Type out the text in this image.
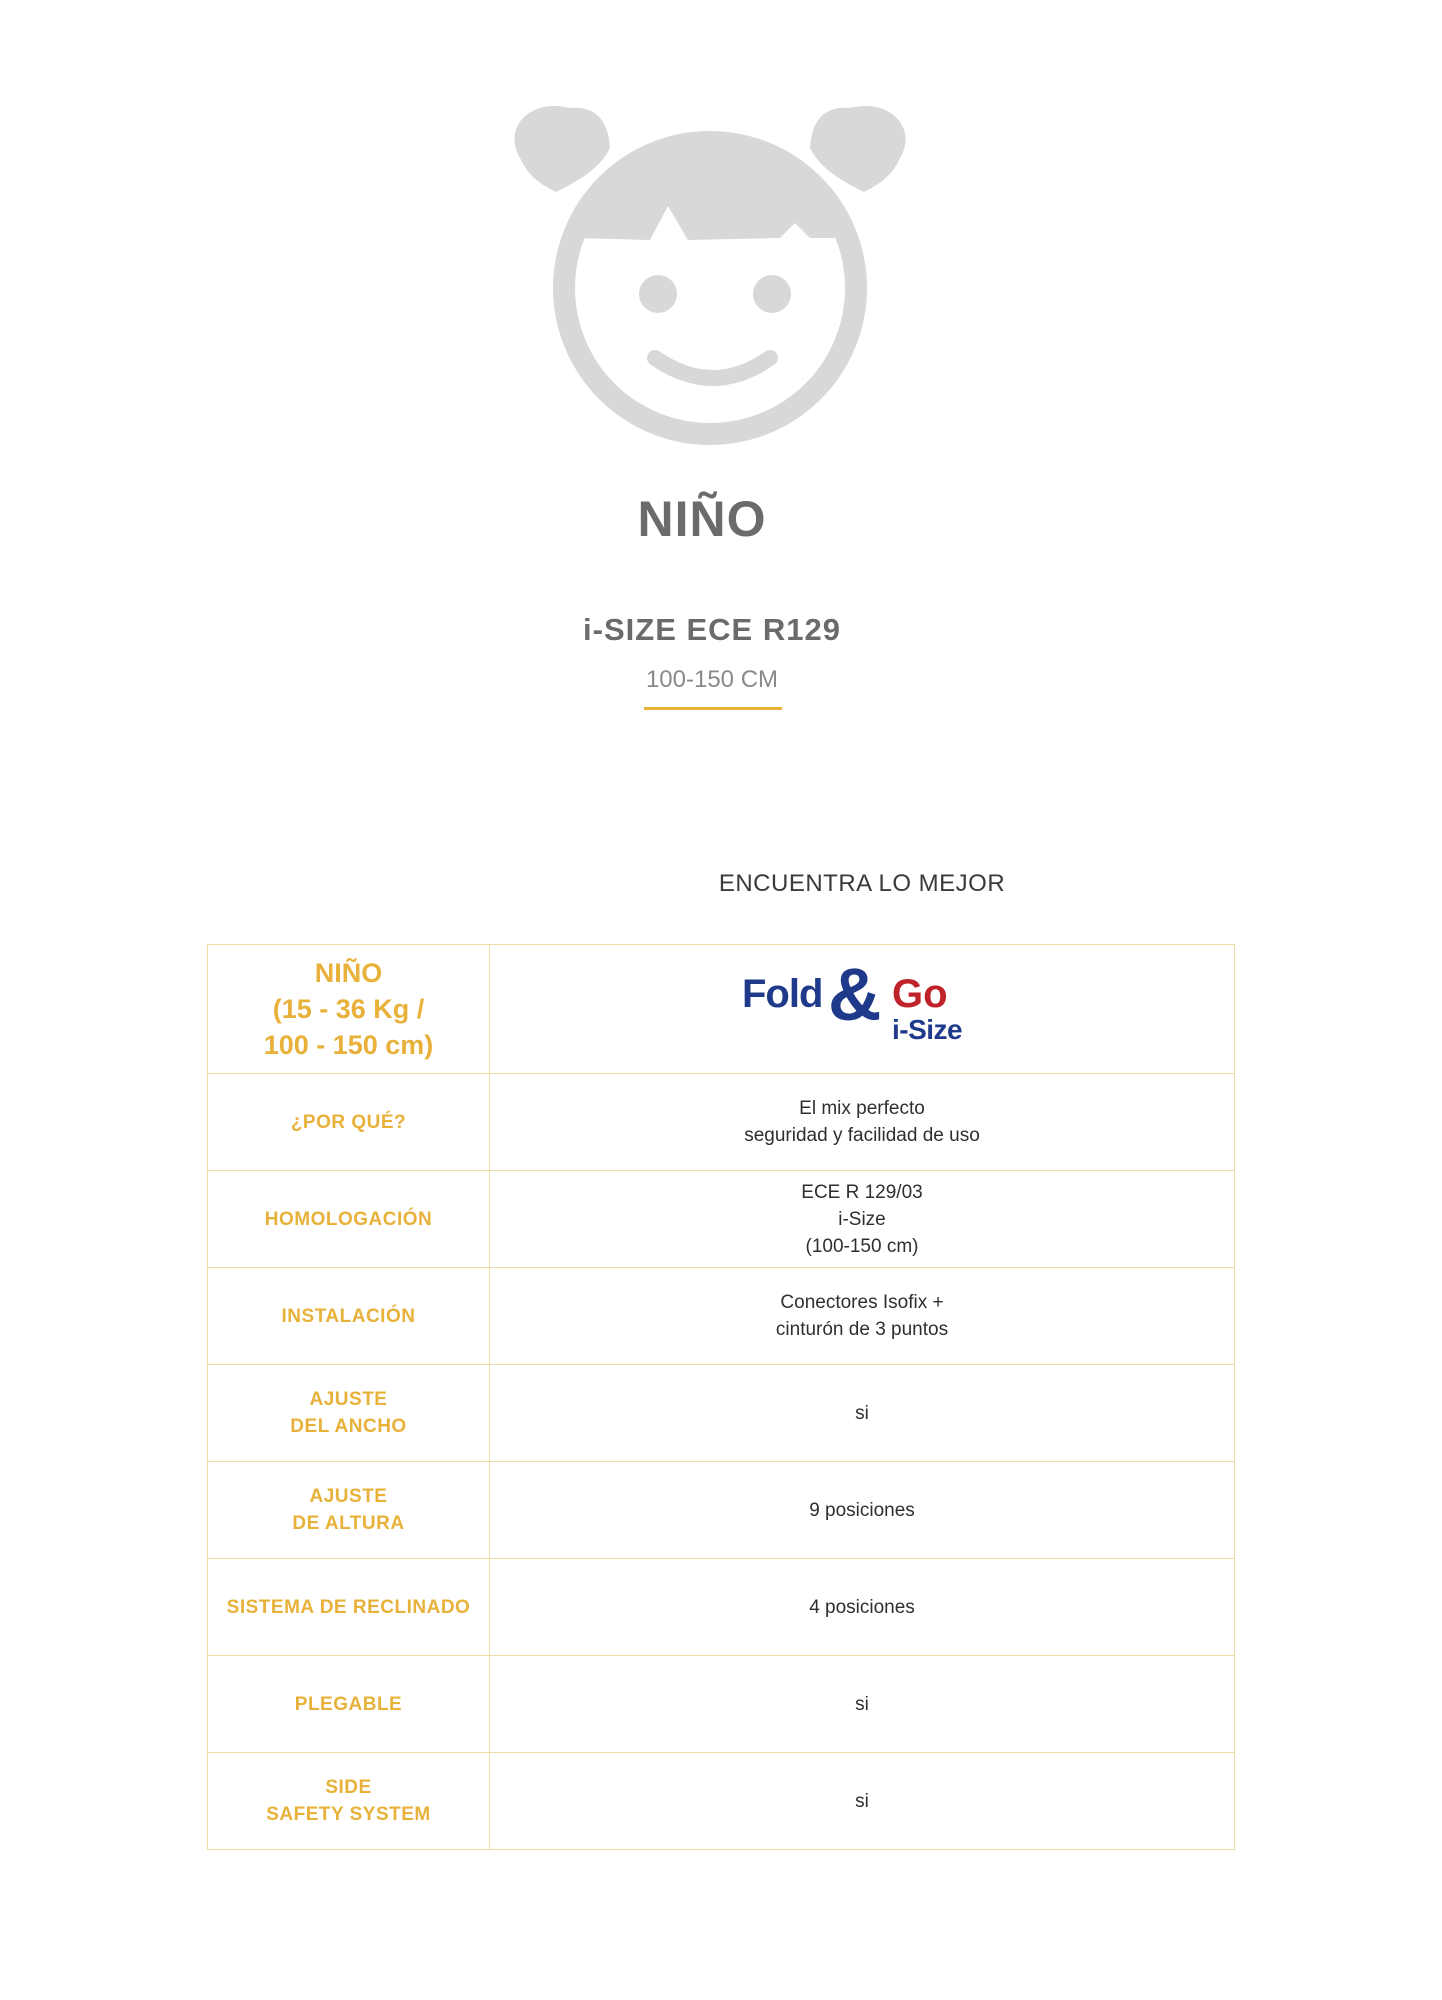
NIÑO
i-SIZE ECE R129
100-150 CM
ENCUENTRA LO MEJOR
NIÑO
(15 - 36 Kg /
100 - 150 cm)	Fold & Go
i-Size

¿POR QUÉ?	El mix perfecto
seguridad y facilidad de uso

HOMOLOGACIÓN	ECE R 129/03
i-Size
(100-150 cm)

INSTALACIÓN	Conectores Isofix +
cinturón de 3 puntos

AJUSTE
DEL ANCHO	si

AJUSTE
DE ALTURA	9 posiciones

SISTEMA DE RECLINADO	4 posiciones

PLEGABLE	si

SIDE
SAFETY SYSTEM	si
